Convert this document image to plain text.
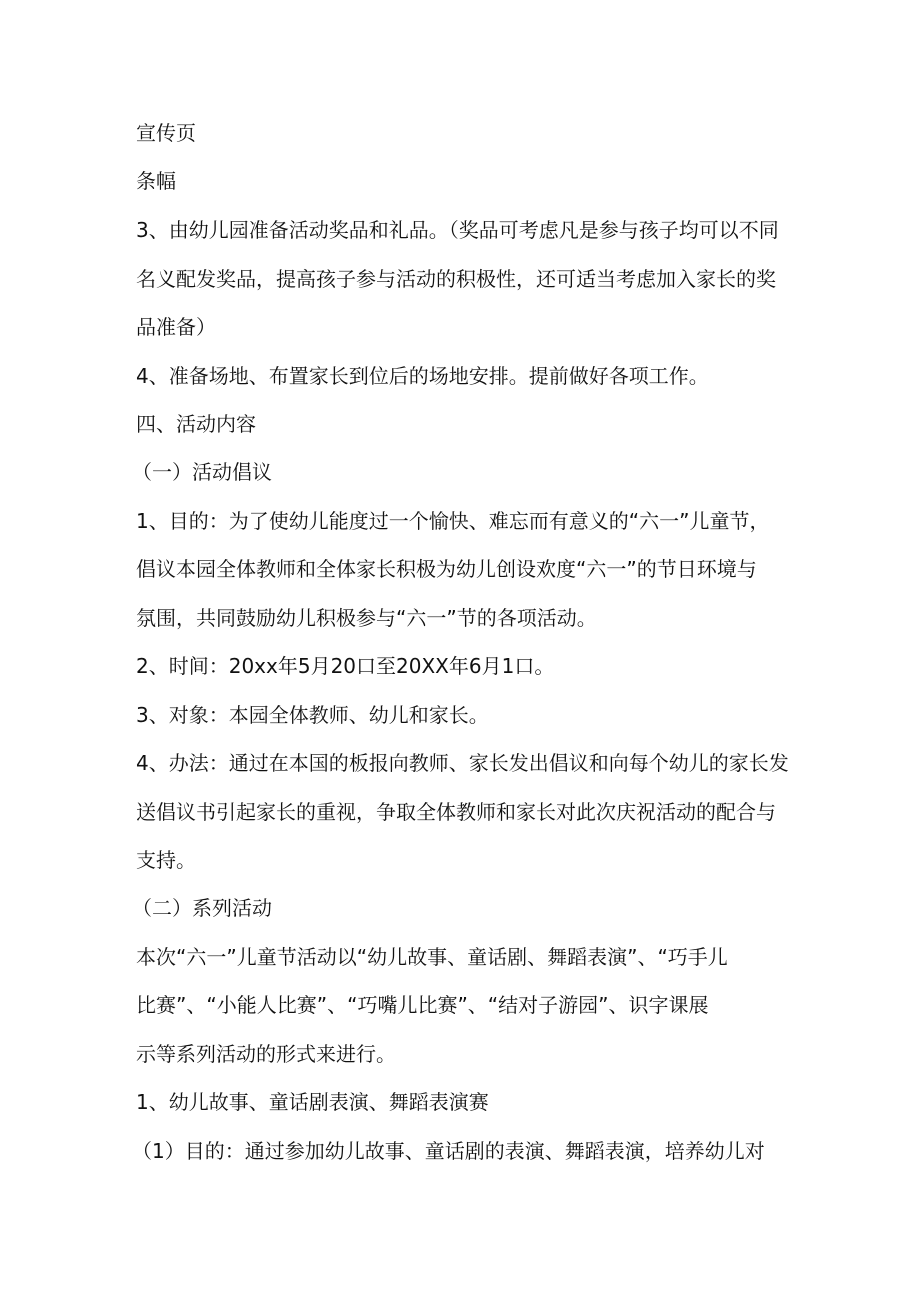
宣传页
条幅
3、由幼儿园准备活动奖品和礼品。（奖品可考虑凡是参与孩子均可以不同
名义配发奖品，提高孩子参与活动的积极性，还可适当考虑加入家长的奖
品准备）
4、准备场地、布置家长到位后的场地安排。提前做好各项工作。
四、活动内容
（一）活动倡议
1、目的：为了使幼儿能度过一个愉快、难忘而有意义的“六一”儿童节，
倡议本园全体教师和全体家长积极为幼儿创设欢度“六一”的节日环境与
氛围，共同鼓励幼儿积极参与“六一”节的各项活动。
2、时间：20xx年5月20口至20XX年6月1口。
3、对象：本园全体教师、幼儿和家长。
4、办法：通过在本国的板报向教师、家长发出倡议和向每个幼儿的家长发
送倡议书引起家长的重视，争取全体教师和家长对此次庆祝活动的配合与
支持。
（二）系列活动
本次“六一”儿童节活动以“幼儿故事、童话剧、舞蹈表演”、“巧手儿
比赛”、“小能人比赛”、“巧嘴儿比赛”、“结对子游园”、识字课展
示等系列活动的形式来进行。
1、幼儿故事、童话剧表演、舞蹈表演赛
（1）目的：通过参加幼儿故事、童话剧的表演、舞蹈表演，培养幼儿对
